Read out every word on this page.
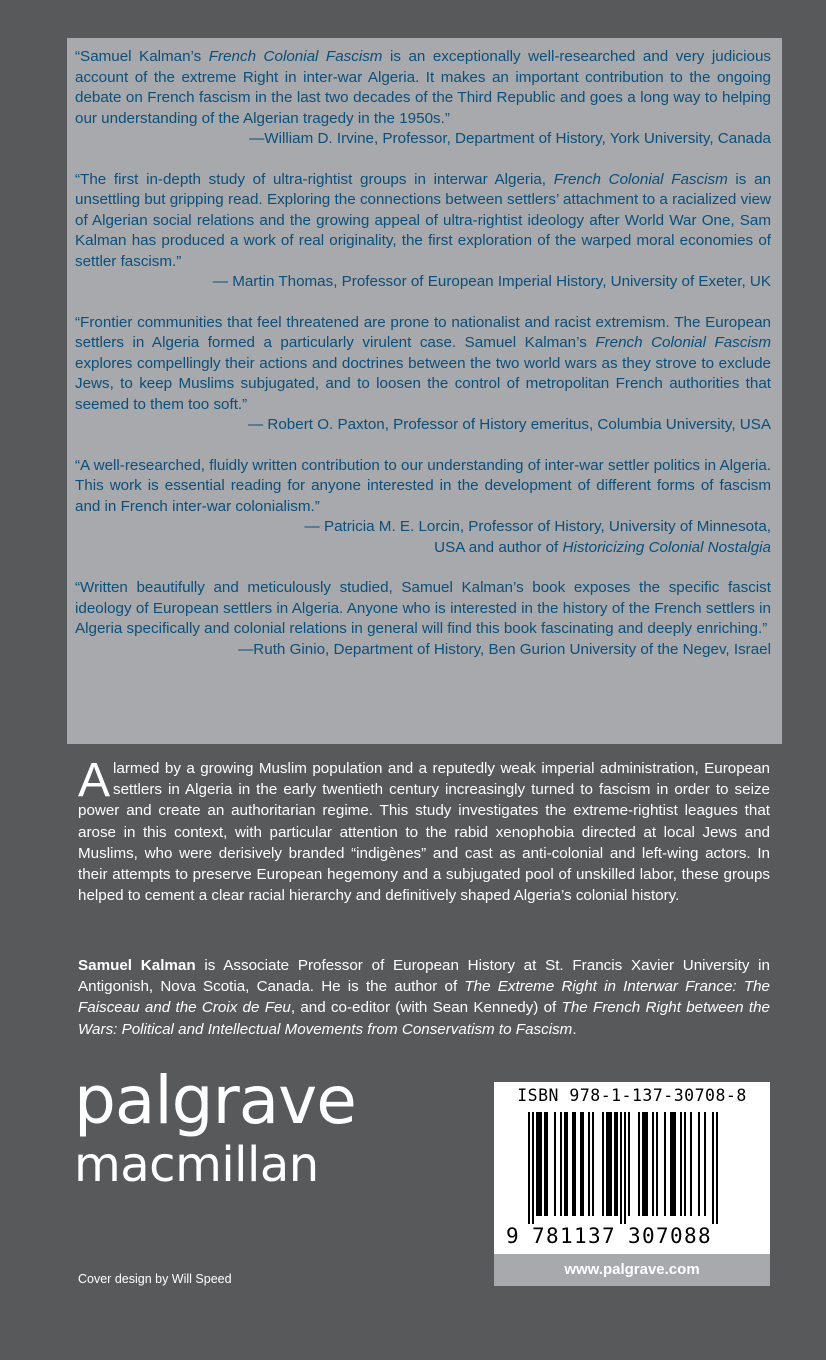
“Samuel Kalman’s French Colonial Fascism is an exceptionally well-researched and very judicious account of the extreme Right in inter-war Algeria. It makes an important contribution to the ongoing debate on French fascism in the last two decades of the Third Republic and goes a long way to helping our understanding of the Algerian tragedy in the 1950s.”
—William D. Irvine, Professor, Department of History, York University, Canada
“The first in-depth study of ultra-rightist groups in interwar Algeria, French Colonial Fascism is an unsettling but gripping read. Exploring the connections between settlers’ attachment to a racialized view of Algerian social relations and the growing appeal of ultra-rightist ideology after World War One, Sam Kalman has produced a work of real originality, the first exploration of the warped moral economies of settler fascism.”
— Martin Thomas, Professor of European Imperial History, University of Exeter, UK
“Frontier communities that feel threatened are prone to nationalist and racist extremism. The European settlers in Algeria formed a particularly virulent case. Samuel Kalman’s French Colonial Fascism explores compellingly their actions and doctrines between the two world wars as they strove to exclude Jews, to keep Muslims subjugated, and to loosen the control of metropolitan French authorities that seemed to them too soft.”
— Robert O. Paxton, Professor of History emeritus, Columbia University, USA
“A well-researched, fluidly written contribution to our understanding of inter-war settler politics in Algeria. This work is essential reading for anyone interested in the development of different forms of fascism and in French inter-war colonialism.”
— Patricia M. E. Lorcin, Professor of History, University of Minnesota,
USA and author of Historicizing Colonial Nostalgia
“Written beautifully and meticulously studied, Samuel Kalman’s book exposes the specific fascist ideology of European settlers in Algeria. Anyone who is interested in the history of the French settlers in Algeria specifically and colonial relations in general will find this book fascinating and deeply enriching.”
—Ruth Ginio, Department of History, Ben Gurion University of the Negev, Israel
Alarmed by a growing Muslim population and a reputedly weak imperial administration, European settlers in Algeria in the early twentieth century increasingly turned to fascism in order to seize power and create an authoritarian regime. This study investigates the extreme-rightist leagues that arose in this context, with particular attention to the rabid xenophobia directed at local Jews and Muslims, who were derisively branded “indigènes” and cast as anti-colonial and left-wing actors. In their attempts to preserve European hegemony and a subjugated pool of unskilled labor, these groups helped to cement a clear racial hierarchy and definitively shaped Algeria’s colonial history.
Samuel Kalman is Associate Professor of European History at St. Francis Xavier University in Antigonish, Nova Scotia, Canada. He is the author of The Extreme Right in Interwar France: The Faisceau and the Croix de Feu, and co-editor (with Sean Kennedy) of The French Right between the Wars: Political and Intellectual Movements from Conservatism to Fascism.
palgrave
macmillan
Cover design by Will Speed
ISBN 978-1-137-30708-8
9 7 8 1 1 3 7 3 0 7 0 8 8
www.palgrave.com
